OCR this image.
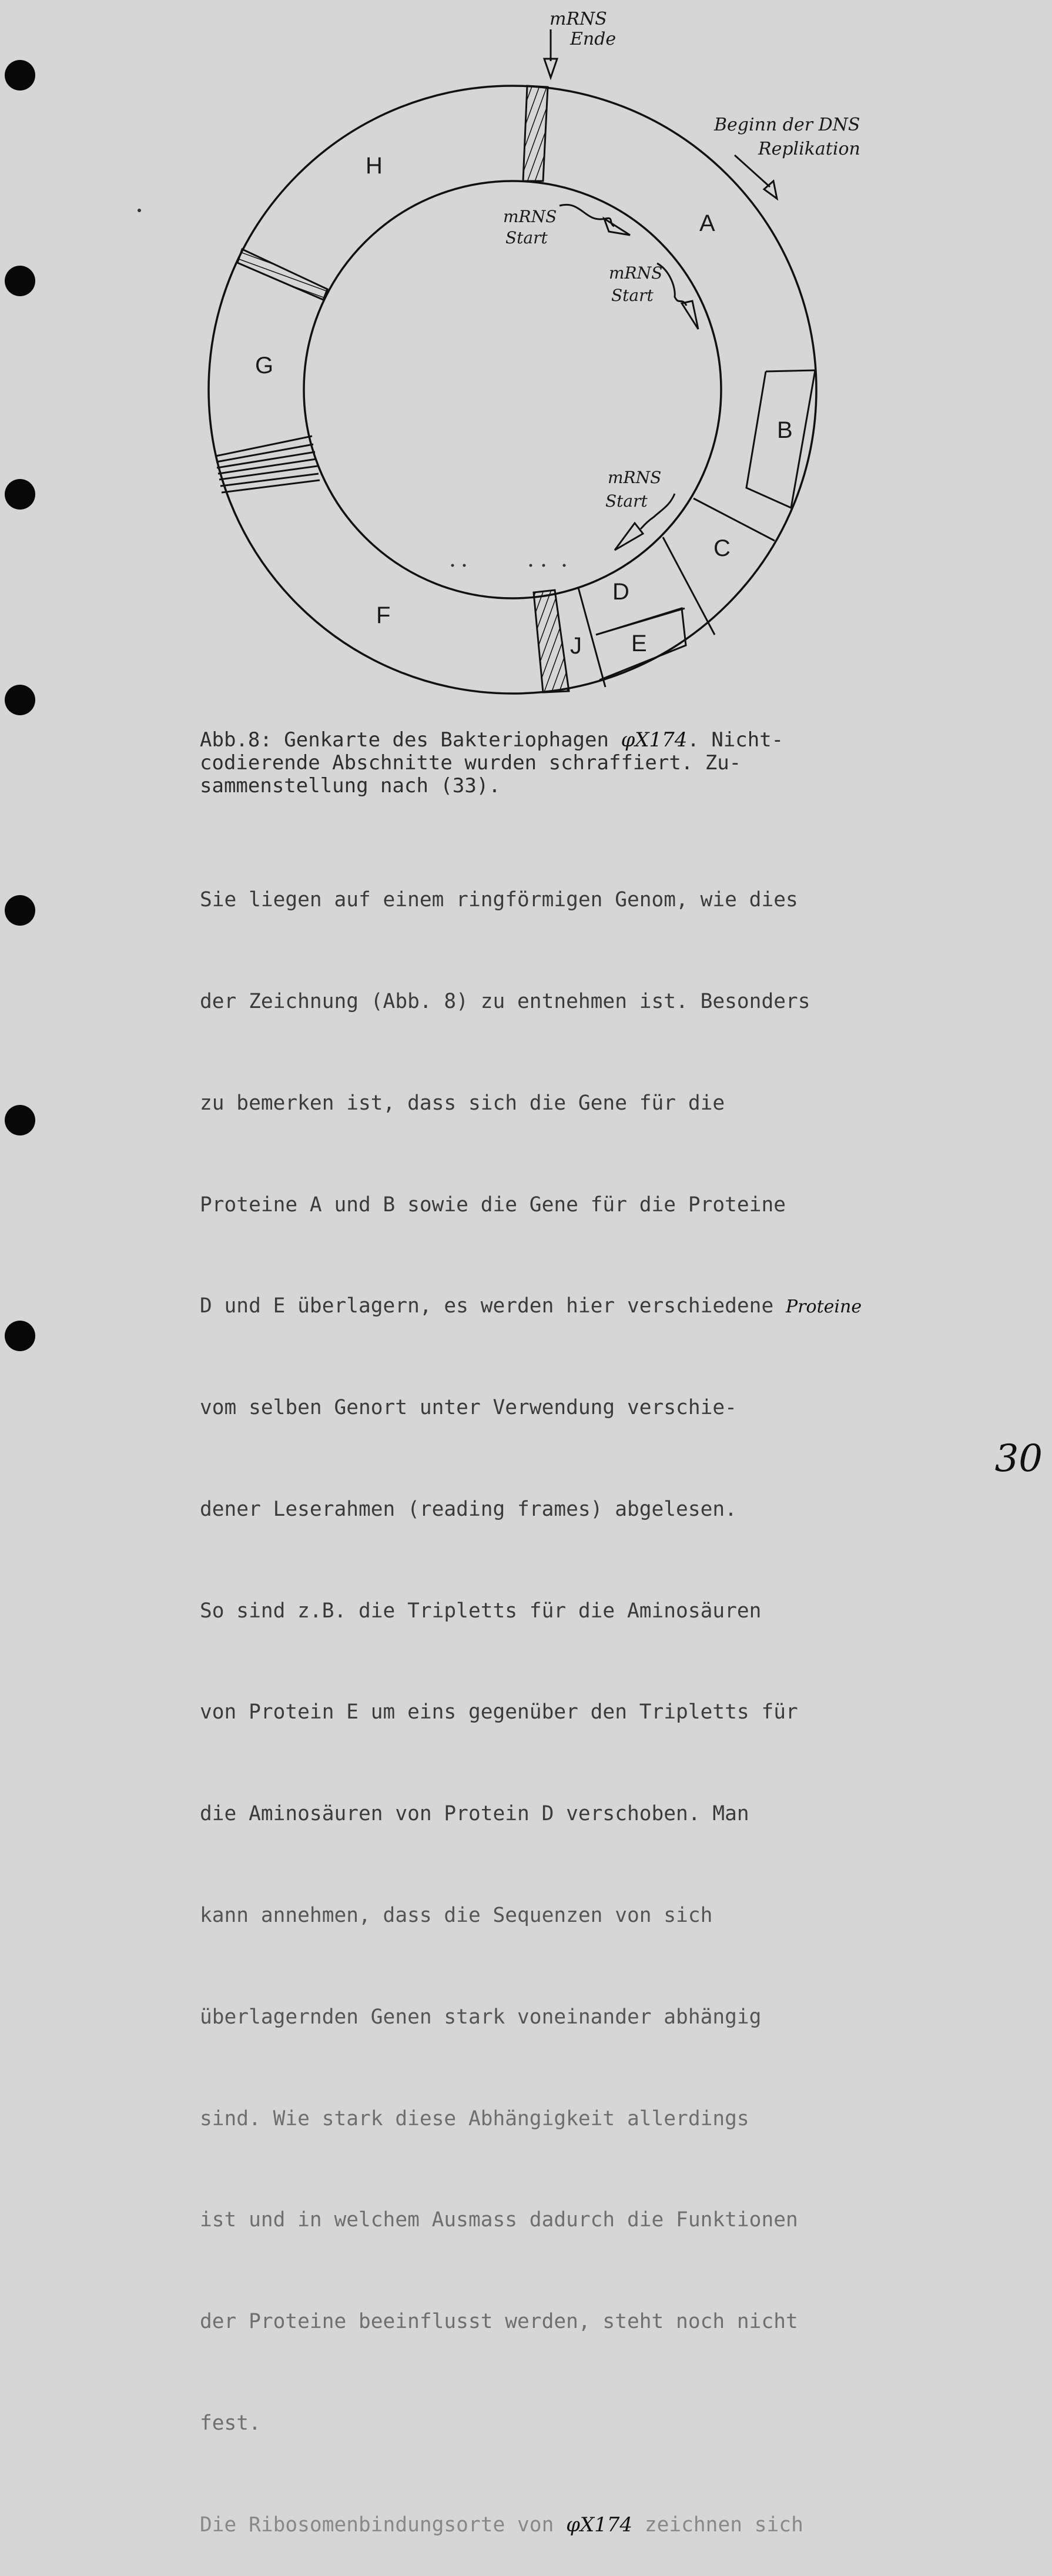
H
A
G
B
C
D
E
J
F
mRNS
Ende
Beginn der DNS
Replikation
mRNS
Start
mRNS
Start
mRNS
Start
Abb.8: Genkarte des Bakteriophagen φX174. Nicht-
codierende Abschnitte wurden schraffiert. Zu-
sammenstellung nach (33).

Sie liegen auf einem ringförmigen Genom, wie dies

der Zeichnung (Abb. 8) zu entnehmen ist. Besonders

zu bemerken ist, dass sich die Gene für die

Proteine A und B sowie die Gene für die Proteine

D und E überlagern, es werden hier verschiedene Proteine

vom selben Genort unter Verwendung verschie-

dener Leserahmen (reading frames) abgelesen.

So sind z.B. die Tripletts für die Aminosäuren

von Protein E um eins gegenüber den Tripletts für

die Aminosäuren von Protein D verschoben. Man

kann annehmen, dass die Sequenzen von sich

überlagernden Genen stark voneinander abhängig

sind. Wie stark diese Abhängigkeit allerdings

ist und in welchem Ausmass dadurch die Funktionen

der Proteine beeinflusst werden, steht noch nicht

fest.

Die Ribosomenbindungsorte von φX174 zeichnen sich

30
